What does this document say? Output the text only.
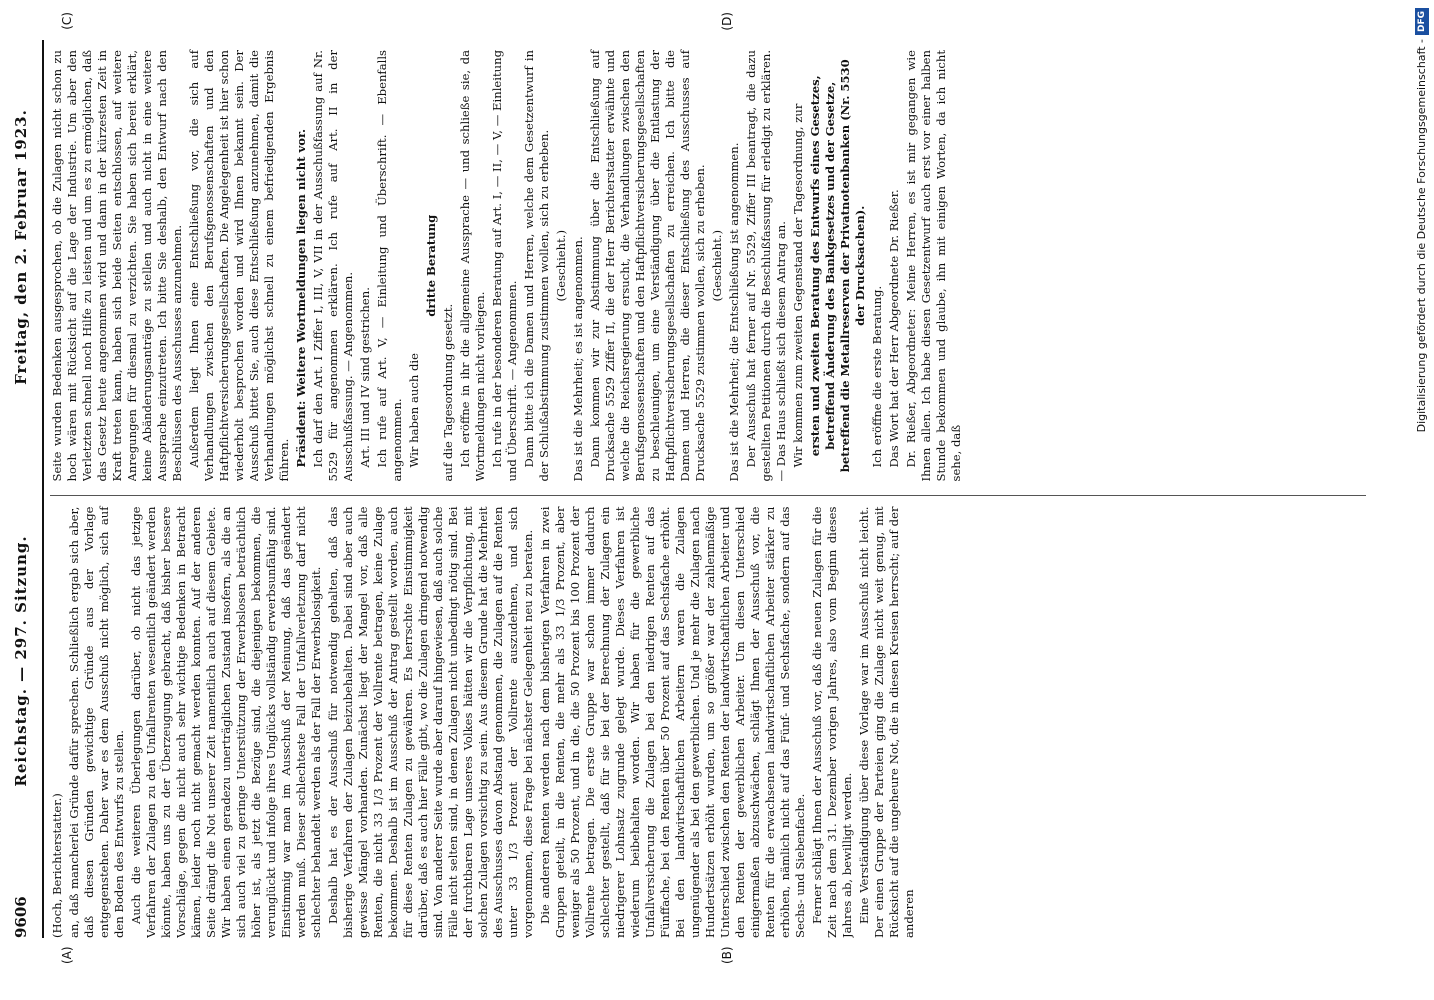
9606
Reichstag. — 297. Sitzung.
Freitag, den 2. Februar 1923.
(A)	(B)
(C)	(D)

(Hoch, Berichterstatter.) an, daß mancherlei Gründe dafür sprechen. Schließlich ergab sich aber, daß diesen Gründen gewichtige Gründe aus der Vorlage entgegenstehen. Daher war es dem Ausschuß nicht möglich, sich auf den Boden des Entwurfs zu stellen. Auch die weiteren Überlegungen darüber, ob nicht das jetzige Verfahren der Zulagen zu den Unfallrenten wesentlich geändert werden könnte, haben uns zu der Überzeugung gebracht, daß bisher bessere Vorschläge, gegen die nicht auch sehr wichtige Bedenken in Betracht kämen, leider noch nicht gemacht werden konnten. Auf der anderen Seite drängt die Not unserer Zeit namentlich auch auf diesem Gebiete. Wir haben einen geradezu unerträglichen Zustand insofern, als die an sich auch viel zu geringe Unterstützung der Erwerbslosen beträchtlich höher ist, als jetzt die Bezüge sind, die diejenigen bekommen, die verunglückt und infolge ihres Unglücks vollständig erwerbsunfähig sind. Einstimmig war man im Ausschuß der Meinung, daß das geändert werden muß. Dieser schlechteste Fall der Unfallverletzung darf nicht schlechter behandelt werden als der Fall der Erwerbslosigkeit. Deshalb hat es der Ausschuß für notwendig gehalten, daß das bisherige Verfahren der Zulagen beizubehalten. Dabei sind aber auch gewisse Mängel vorhanden. Zunächst liegt der Mangel vor, daß alle Renten, die nicht 33 1/3 Prozent der Vollrente betragen, keine Zulage bekommen. Deshalb ist im Ausschuß der Antrag gestellt worden, auch für diese Renten Zulagen zu gewähren. Es herrschte Einstimmigkeit darüber, daß es auch hier Fälle gibt, wo die Zulagen dringend notwendig sind. Von anderer Seite wurde aber darauf hingewiesen, daß auch solche Fälle nicht selten sind, in denen Zulagen nicht unbedingt nötig sind. Bei der furchtbaren Lage unseres Volkes hätten wir die Verpflichtung, mit solchen Zulagen vorsichtig zu sein. Aus diesem Grunde hat die Mehrheit des Ausschusses davon Abstand genommen, die Zulagen auf die Renten unter 33 1/3 Prozent der Vollrente auszudehnen, und sich vorgenommen, diese Frage bei nächster Gelegenheit neu zu beraten. Die anderen Renten werden nach dem bisherigen Verfahren in zwei Gruppen geteilt, in die Renten, die mehr als 33 1/3 Prozent, aber weniger als 50 Prozent, und in die, die 50 Prozent bis 100 Prozent der Vollrente betragen. Die erste Gruppe war schon immer dadurch schlechter gestellt, daß für sie bei der Berechnung der Zulagen ein niedrigerer Lohnsatz zugrunde gelegt wurde. Dieses Verfahren ist wiederum beibehalten worden. Wir haben für die gewerbliche Unfallversicherung die Zulagen bei den niedrigen Renten auf das Fünffache, bei den Renten über 50 Prozent auf das Sechsfache erhöht. Bei den landwirtschaftlichen Arbeitern waren die Zulagen ungenügender als bei den gewerblichen. Und je mehr die Zulagen nach Hundertsätzen erhöht wurden, um so größer war der zahlenmäßige Unterschied zwischen den Renten der landwirtschaftlichen Arbeiter und den Renten der gewerblichen Arbeiter. Um diesen Unterschied einigermaßen abzuschwächen, schlägt Ihnen der Ausschuß vor, die Renten für die erwachsenen landwirtschaftlichen Arbeiter stärker zu erhöhen, nämlich nicht auf das Fünf- und Sechsfache, sondern auf das Sechs- und Siebenfache. Ferner schlägt Ihnen der Ausschuß vor, daß die neuen Zulagen für die Zeit nach dem 31. Dezember vorigen Jahres, also vom Beginn dieses Jahres ab, bewilligt werden. Eine Verständigung über diese Vorlage war im Ausschuß nicht leicht. Der einen Gruppe der Parteien ging die Zulage nicht weit genug, mit Rücksicht auf die ungeheure Not, die in diesen Kreisen herrscht; auf der anderen

Seite wurden Bedenken ausgesprochen, ob die Zulagen nicht schon zu hoch wären mit Rücksicht auf die Lage der Industrie. Um aber den Verletzten schnell noch Hilfe zu leisten und um es zu ermöglichen, daß das Gesetz heute angenommen wird und dann in der kürzesten Zeit in Kraft treten kann, haben sich beide Seiten entschlossen, auf weitere Anregungen für diesmal zu verzichten. Sie haben sich bereit erklärt, keine Abänderungsanträge zu stellen und auch nicht in eine weitere Aussprache einzutreten. Ich bitte Sie deshalb, den Entwurf nach den Beschlüssen des Ausschusses anzunehmen. Außerdem liegt Ihnen eine Entschließung vor, die sich auf Verhandlungen zwischen den Berufsgenossenschaften und den Haftpflichtversicherungsgesellschaften. Die Angelegenheit ist hier schon wiederholt besprochen worden und wird Ihnen bekannt sein. Der Ausschuß bittet Sie, auch diese Entschließung anzunehmen, damit die Verhandlungen möglichst schnell zu einem befriedigenden Ergebnis führen. Präsident: Weitere Wortmeldungen liegen nicht vor. Ich darf den Art. I Ziffer I, III, V, VII in der Ausschußfassung auf Nr. 5529 für angenommen erklären. Ich rufe auf Art. II in der Ausschußfassung. — Angenommen. Art. III und IV sind gestrichen. Ich rufe auf Art. V, — Einleitung und Überschrift. — Ebenfalls angenommen. Wir haben auch die

dritte Beratung

auf die Tagesordnung gesetzt. Ich eröffne in ihr die allgemeine Aussprache — und schließe sie, da Wortmeldungen nicht vorliegen. Ich rufe in der besonderen Beratung auf Art. I, — II, — V, — Einleitung und Überschrift. — Angenommen. Dann bitte ich die Damen und Herren, welche dem Gesetzentwurf in der Schlußabstimmung zustimmen wollen, sich zu erheben. (Geschieht.) Das ist die Mehrheit; es ist angenommen. Dann kommen wir zur Abstimmung über die Entschließung auf Drucksache 5529 Ziffer II, die der Herr Berichterstatter erwähnte und welche die Reichsregierung ersucht, die Verhandlungen zwischen den Berufsgenossenschaften und den Haftpflichtversicherungsgesellschaften zu beschleunigen, um eine Verständigung über die Entlastung der Haftpflichtversicherungsgesellschaften zu erreichen. Ich bitte die Damen und Herren, die dieser Entschließung des Ausschusses auf Drucksache 5529 zustimmen wollen, sich zu erheben. (Geschieht.) Das ist die Mehrheit; die Entschließung ist angenommen. Der Ausschuß hat ferner auf Nr. 5529, Ziffer III beantragt, die dazu gestellten Petitionen durch die Beschlußfassung für erledigt zu erklären. — Das Haus schließt sich diesem Antrag an. Wir kommen zum zweiten Gegenstand der Tagesordnung, zur ersten und zweiten Beratung des Entwurfs eines Gesetzes, betreffend Änderung des Bankgesetzes und der Gesetze, betreffend die Metallreserven der Privatnotenbanken (Nr. 5530 der Drucksachen).

Ich eröffne die erste Beratung. Das Wort hat der Herr Abgeordnete Dr. Rießer. Dr. Rießer, Abgeordneter: Meine Herren, es ist mir gegangen wie Ihnen allen. Ich habe diesen Gesetzentwurf auch erst vor einer halben Stunde bekommen und glaube, ihn mit einigen Worten, da ich nicht sehe, daß

Digitalisierung gefördert durch die Deutsche Forschungsgemeinschaft -
DFG
